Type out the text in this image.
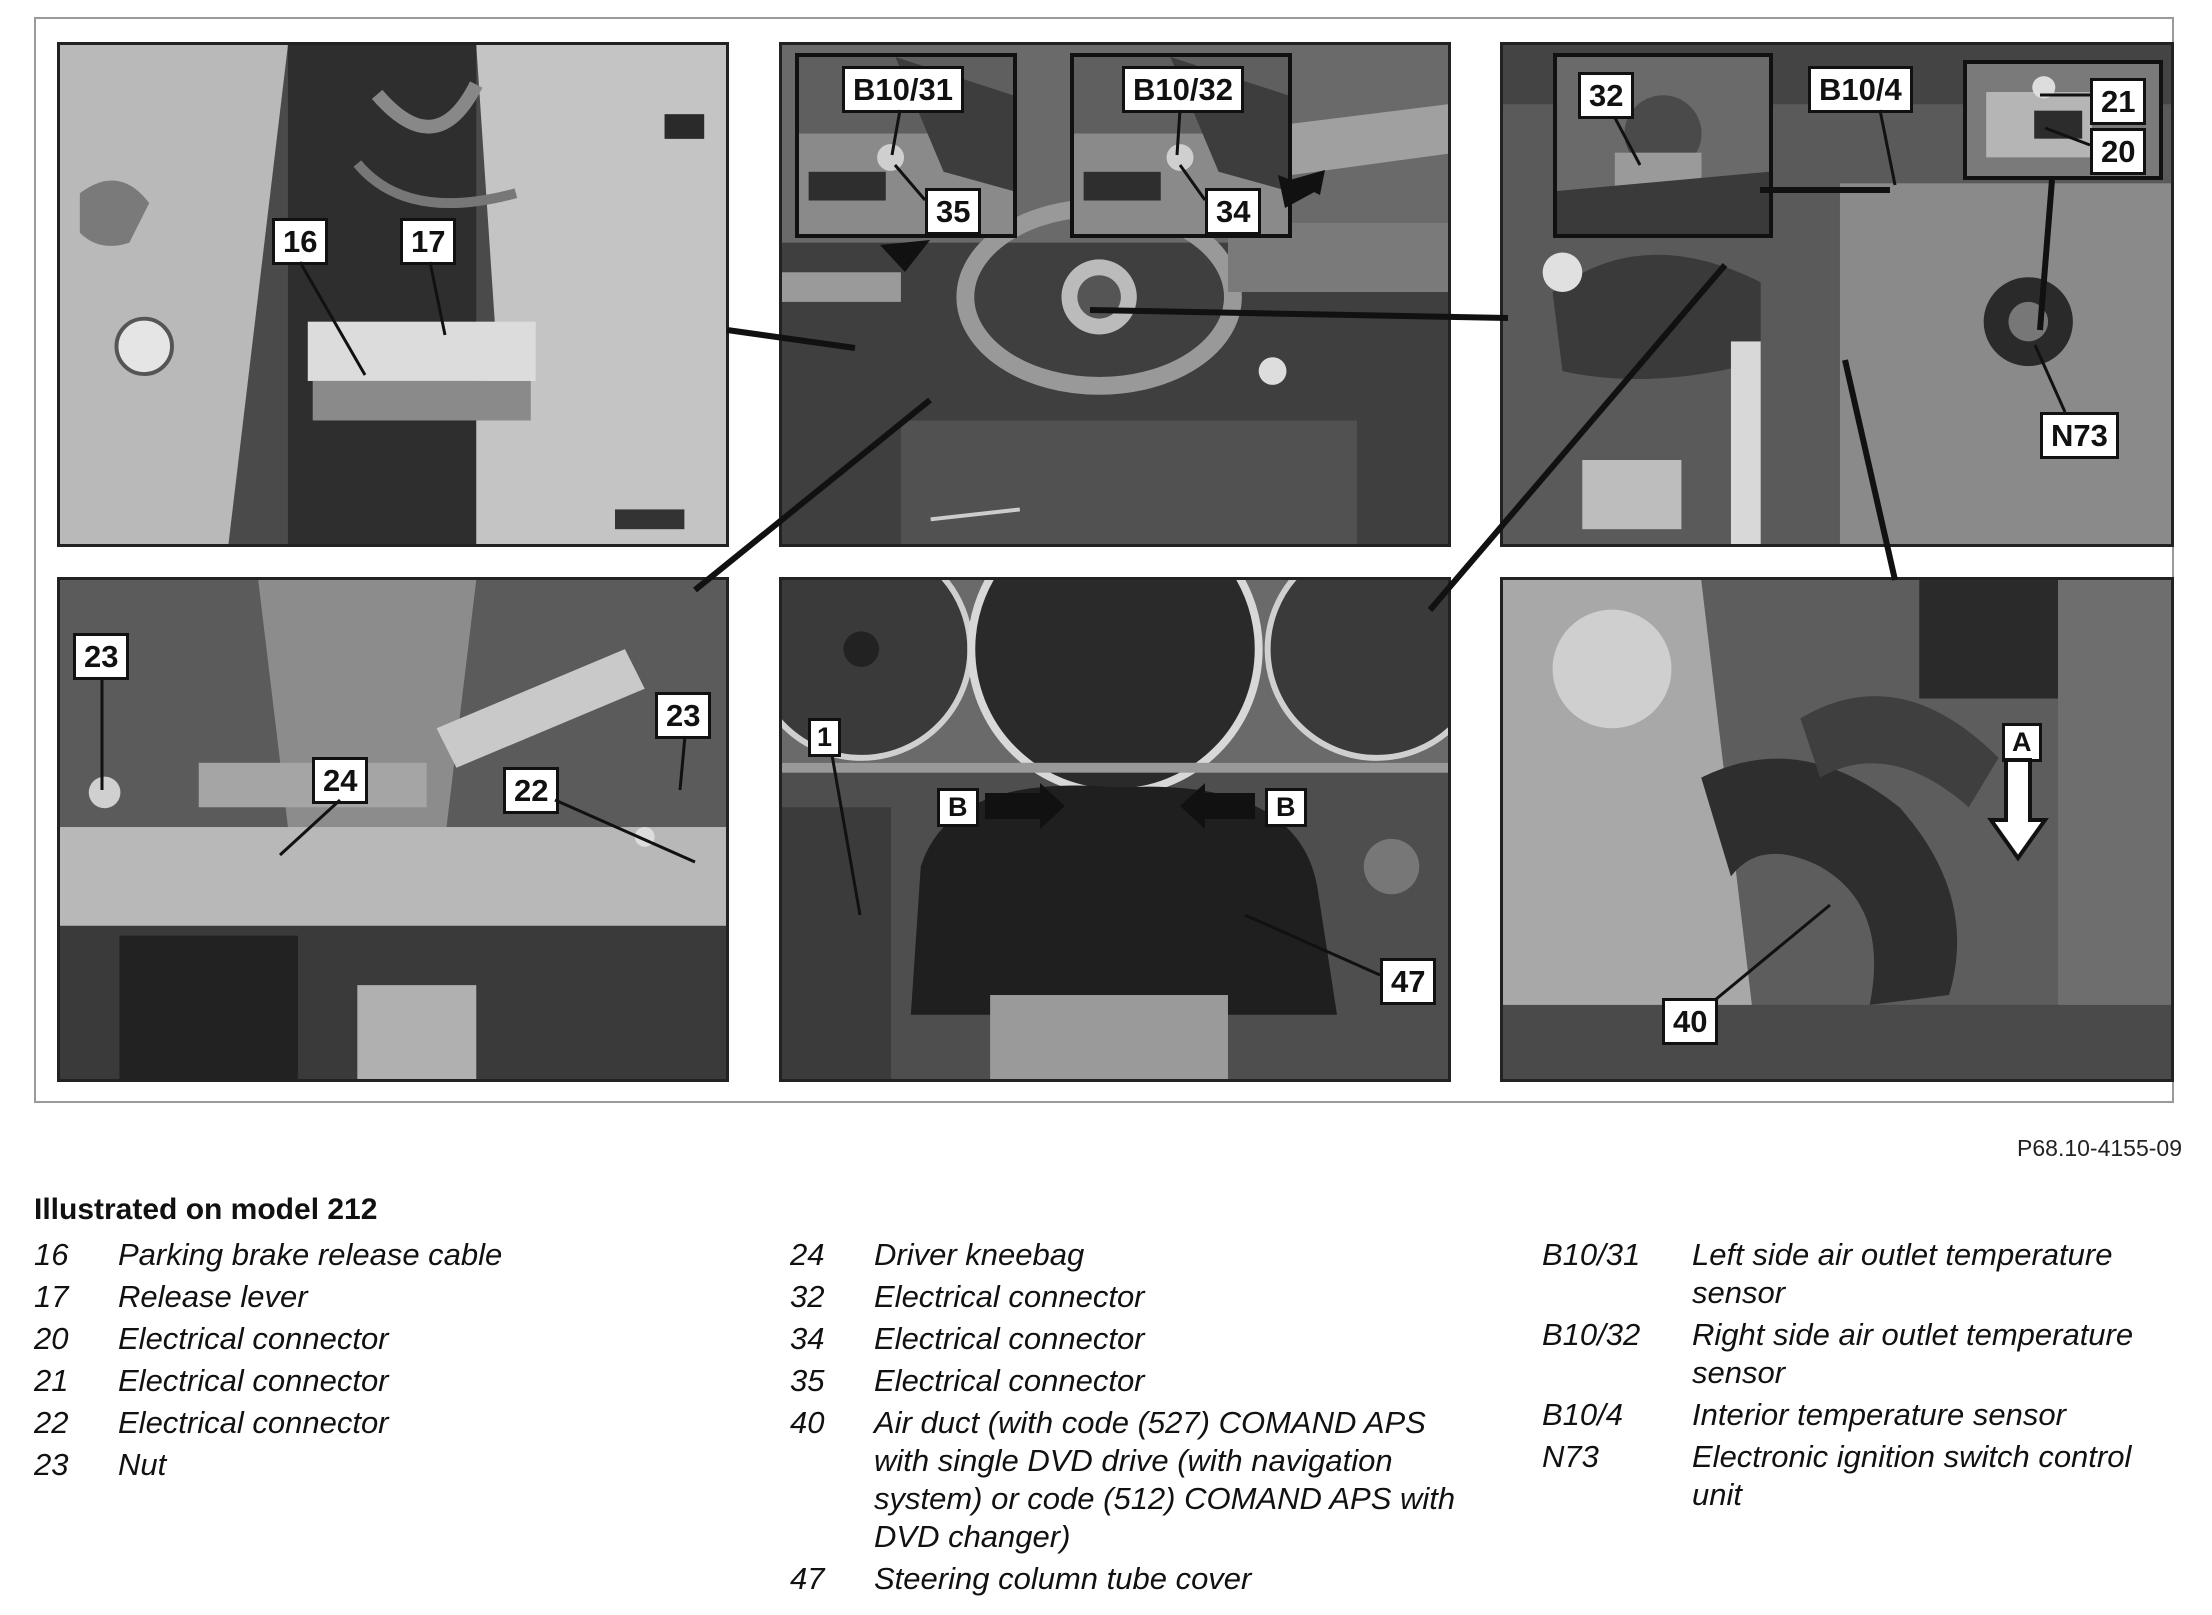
16	17
B10/31
35
B10/32
34
32	B10/4	21
20
N73
23
24	22
23
1
B	B
47
A
40
P68.10-4155-09
Illustrated on model 212
16	Parking brake release cable
17	Release lever
20	Electrical connector
21	Electrical connector
22	Electrical connector
23	Nut
24	Driver kneebag
32	Electrical connector
34	Electrical connector
35	Electrical connector
40	Air duct (with code (527) COMAND APS with single DVD drive (with navigation system) or code (512) COMAND APS with DVD changer)
47	Steering column tube cover
B10/31	Left side air outlet temperature sensor
B10/32	Right side air outlet temperature sensor
B10/4	Interior temperature sensor
N73	Electronic ignition switch control unit
